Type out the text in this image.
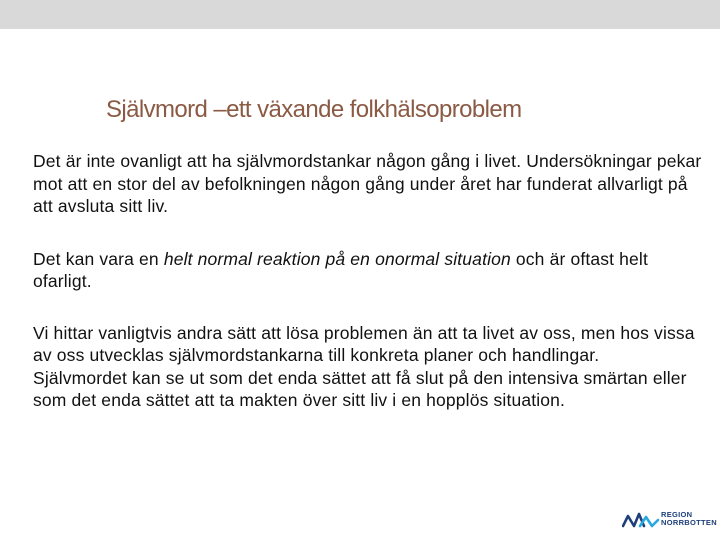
Självmord –ett växande folkhälsoproblem

Det är inte ovanligt att ha självmordstankar någon gång i livet. Undersökningar pekar mot att en stor del av befolkningen någon gång under året har funderat allvarligt på att avsluta sitt liv.

Det kan vara en helt normal reaktion på en onormal situation och är oftast helt ofarligt.

Vi hittar vanligtvis andra sätt att lösa problemen än att ta livet av oss, men hos vissa av oss utvecklas självmordstankarna till konkreta planer och handlingar.

Självmordet kan se ut som det enda sättet att få slut på den intensiva smärtan eller som det enda sättet att ta makten över sitt liv i en hopplös situation.

REGION
NORRBOTTEN
